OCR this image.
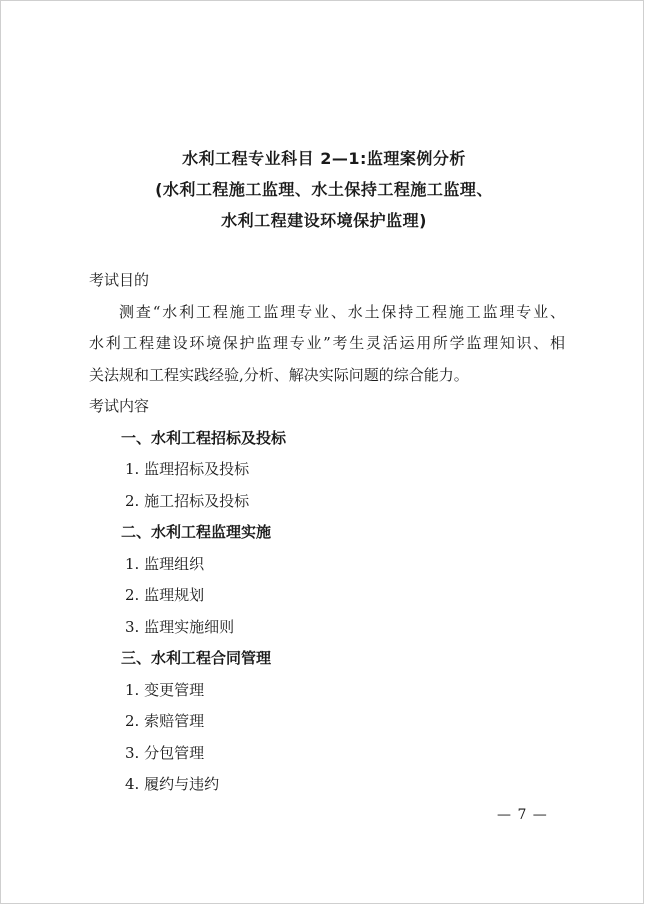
水利工程专业科目 2—1:监理案例分析
(水利工程施工监理、水土保持工程施工监理、
水利工程建设环境保护监理)
考试目的
测查“水利工程施工监理专业、水土保持工程施工监理专业、
水利工程建设环境保护监理专业”考生灵活运用所学监理知识、相
关法规和工程实践经验,分析、解决实际问题的综合能力。
考试内容
一、水利工程招标及投标
1. 监理招标及投标
2. 施工招标及投标
二、水利工程监理实施
1. 监理组织
2. 监理规划
3. 监理实施细则
三、水利工程合同管理
1. 变更管理
2. 索赔管理
3. 分包管理
4. 履约与违约
— 7 —
